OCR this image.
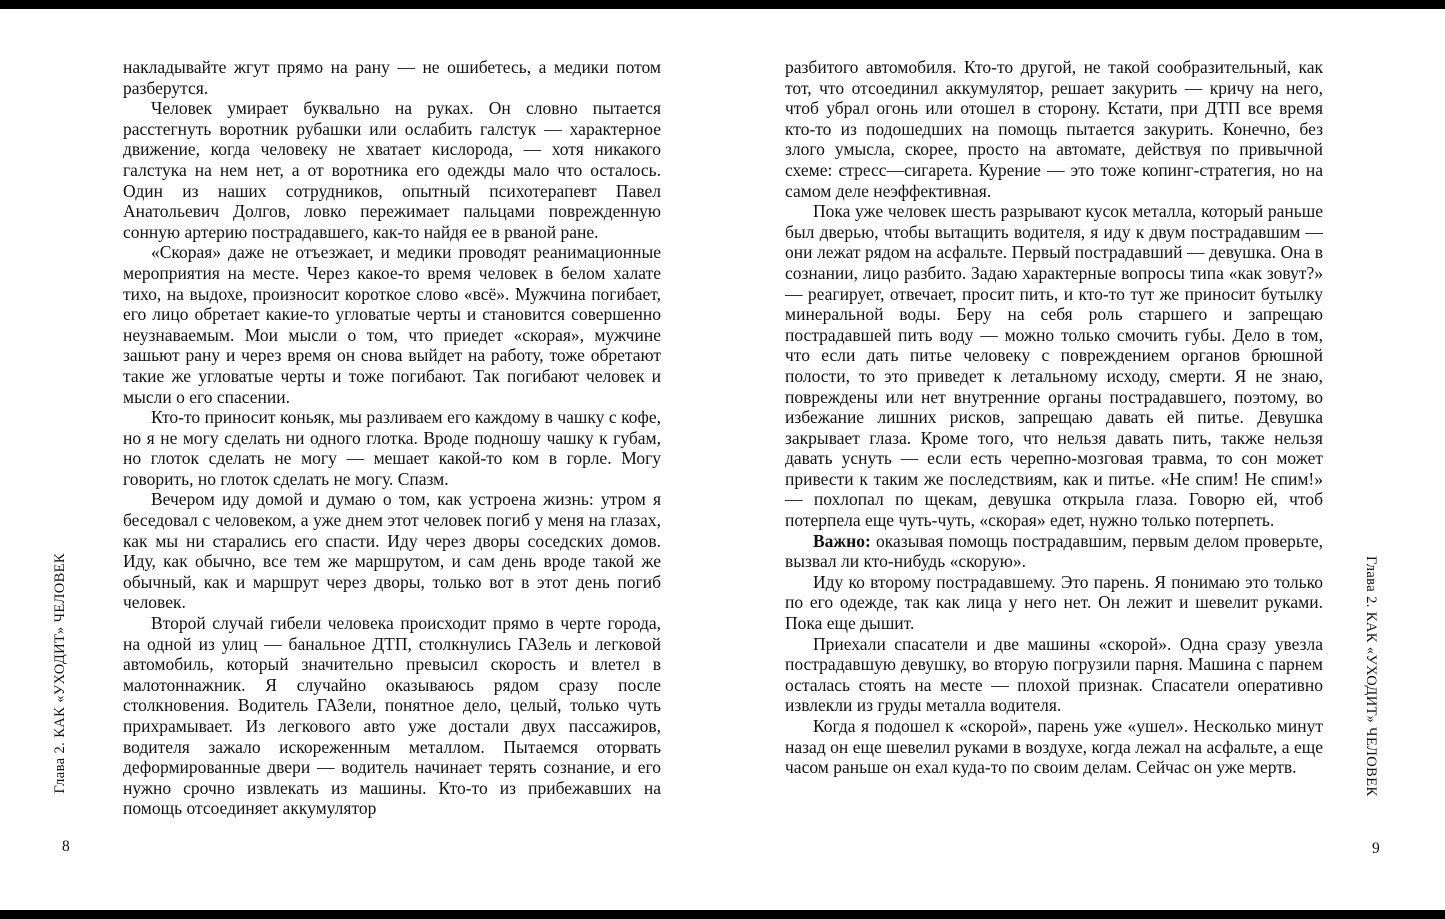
Глава 2. КАК «УХОДИТ» ЧЕЛОВЕК

накладывайте жгут прямо на рану — не ошибетесь, а медики потом разберутся.

Человек умирает буквально на руках. Он словно пытается расстегнуть воротник рубашки или ослабить галстук — характерное движение, когда человеку не хватает кислорода, — хотя никакого галстука на нем нет, а от воротника его одежды мало что осталось. Один из наших сотрудников, опытный психотерапевт Павел Анатольевич Долгов, ловко пережимает пальцами поврежденную сонную артерию пострадавшего, как-то найдя ее в рваной ране.

«Скорая» даже не отъезжает, и медики проводят реанимационные мероприятия на месте. Через какое-то время человек в белом халате тихо, на выдохе, произносит короткое слово «всё». Мужчина погибает, его лицо обретает какие-то угловатые черты и становится совершенно неузнаваемым. Мои мысли о том, что приедет «скорая», мужчине зашьют рану и через время он снова выйдет на работу, тоже обретают такие же угловатые черты и тоже погибают. Так погибают человек и мысли о его спасении.

Кто-то приносит коньяк, мы разливаем его каждому в чашку с кофе, но я не могу сделать ни одного глотка. Вроде подношу чашку к губам, но глоток сделать не могу — мешает какой-то ком в горле. Могу говорить, но глоток сделать не могу. Спазм.

Вечером иду домой и думаю о том, как устроена жизнь: утром я беседовал с человеком, а уже днем этот человек погиб у меня на глазах, как мы ни старались его спасти. Иду через дворы соседских домов. Иду, как обычно, все тем же маршрутом, и сам день вроде такой же обычный, как и маршрут через дворы, только вот в этот день погиб человек.

Второй случай гибели человека происходит прямо в черте города, на одной из улиц — банальное ДТП, столкнулись ГАЗель и легковой автомобиль, который значительно превысил скорость и влетел в малотоннажник. Я случайно оказываюсь рядом сразу после столкновения. Водитель ГАЗели, понятное дело, целый, только чуть прихрамывает. Из легкового авто уже достали двух пассажиров, водителя зажало искореженным металлом. Пытаемся оторвать деформированные двери — водитель начинает терять сознание, и его нужно срочно извлекать из машины. Кто-то из прибежавших на помощь отсоединяет аккумулятор

8

разбитого автомобиля. Кто-то другой, не такой сообразительный, как тот, что отсоединил аккумулятор, решает закурить — кричу на него, чтоб убрал огонь или отошел в сторону. Кстати, при ДТП все время кто-то из подошедших на помощь пытается закурить. Конечно, без злого умысла, скорее, просто на автомате, действуя по привычной схеме: стресс—сигарета. Курение — это тоже копинг-стратегия, но на самом деле неэффективная.

Пока уже человек шесть разрывают кусок металла, который раньше был дверью, чтобы вытащить водителя, я иду к двум пострадавшим — они лежат рядом на асфальте. Первый пострадавший — девушка. Она в сознании, лицо разбито. Задаю характерные вопросы типа «как зовут?» — реагирует, отвечает, просит пить, и кто-то тут же приносит бутылку минеральной воды. Беру на себя роль старшего и запрещаю пострадавшей пить воду — можно только смочить губы. Дело в том, что если дать питье человеку с повреждением органов брюшной полости, то это приведет к летальному исходу, смерти. Я не знаю, повреждены или нет внутренние органы пострадавшего, поэтому, во избежание лишних рисков, запрещаю давать ей питье. Девушка закрывает глаза. Кроме того, что нельзя давать пить, также нельзя давать уснуть — если есть черепно-мозговая травма, то сон может привести к таким же последствиям, как и питье. «Не спим! Не спим!» — похлопал по щекам, девушка открыла глаза. Говорю ей, чтоб потерпела еще чуть-чуть, «скорая» едет, нужно только потерпеть.

Важно: оказывая помощь пострадавшим, первым делом проверьте, вызвал ли кто-нибудь «скорую».

Иду ко второму пострадавшему. Это парень. Я понимаю это только по его одежде, так как лица у него нет. Он лежит и шевелит руками. Пока еще дышит.

Приехали спасатели и две машины «скорой». Одна сразу увезла пострадавшую девушку, во вторую погрузили парня. Машина с парнем осталась стоять на месте — плохой признак. Спасатели оперативно извлекли из груды металла водителя.

Когда я подошел к «скорой», парень уже «ушел». Несколько минут назад он еще шевелил руками в воздухе, когда лежал на асфальте, а еще часом раньше он ехал куда-то по своим делам. Сейчас он уже мертв.	Глава 2. КАК «УХОДИТ» ЧЕЛОВЕК
9
